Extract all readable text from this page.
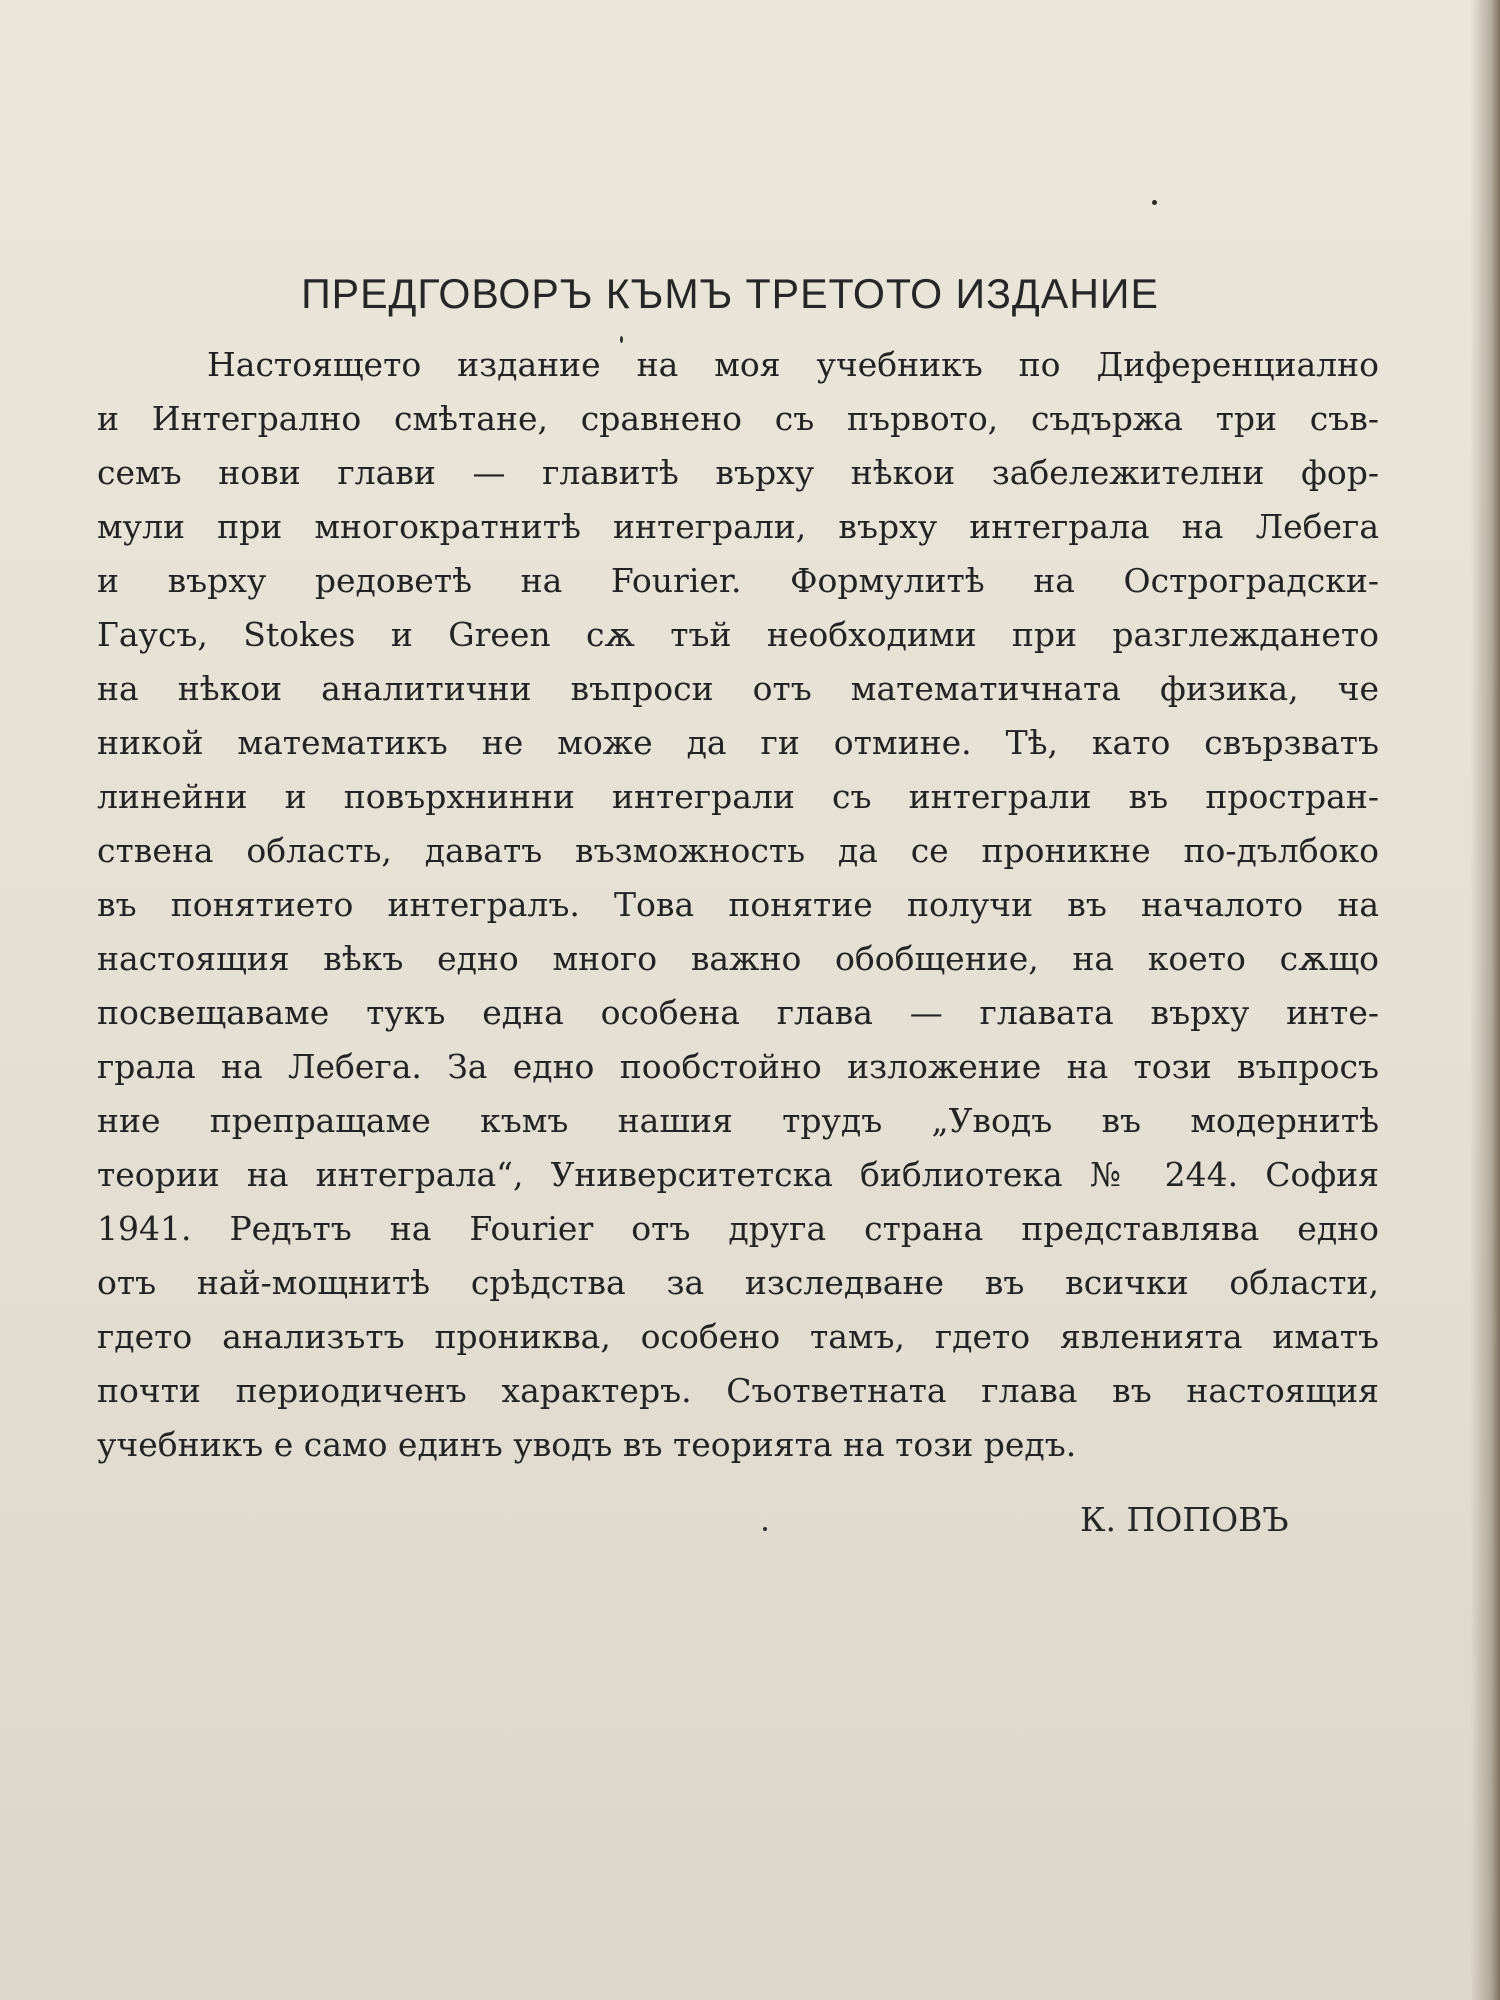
ПРЕДГОВОРЪ КЪМЪ ТРЕТОТО ИЗДАНИЕ
Настоящето издание на моя учебникъ по Диференциално
и Интегрално смѣтане, сравнено съ първото, съдържа три съв-
семъ нови глави — главитѣ върху нѣкои забележителни фор-
мули при многократнитѣ интеграли, върху интеграла на Лебега
и върху редоветѣ на Fourier. Формулитѣ на Остроградски-
Гаусъ, Stokes и Green сѫ тъй необходими при разглеждането
на нѣкои аналитични въпроси отъ математичната физика, че
никой математикъ не може да ги отмине. Тѣ, като свързватъ
линейни и повърхнинни интеграли съ интеграли въ простран-
ствена область, даватъ възможность да се проникне по-дълбоко
въ понятието интегралъ. Това понятие получи въ началото на
настоящия вѣкъ едно много важно обобщение, на което сѫщо
посвещаваме тукъ една особена глава — главата върху инте-
грала на Лебега. За едно пообстойно изложение на този въпросъ
ние препращаме къмъ нашия трудъ „Уводъ въ модернитѣ
теории на интеграла“, Университетска библиотека № 244. София
1941. Редътъ на Fourier отъ друга страна представлява едно
отъ най-мощнитѣ срѣдства за изследване въ всички области,
гдето анализътъ прониква, особено тамъ, гдето явленията иматъ
почти периодиченъ характеръ. Съответната глава въ настоящия
учебникъ е само единъ уводъ въ теорията на този редъ.

К. ПОПОВЪ
